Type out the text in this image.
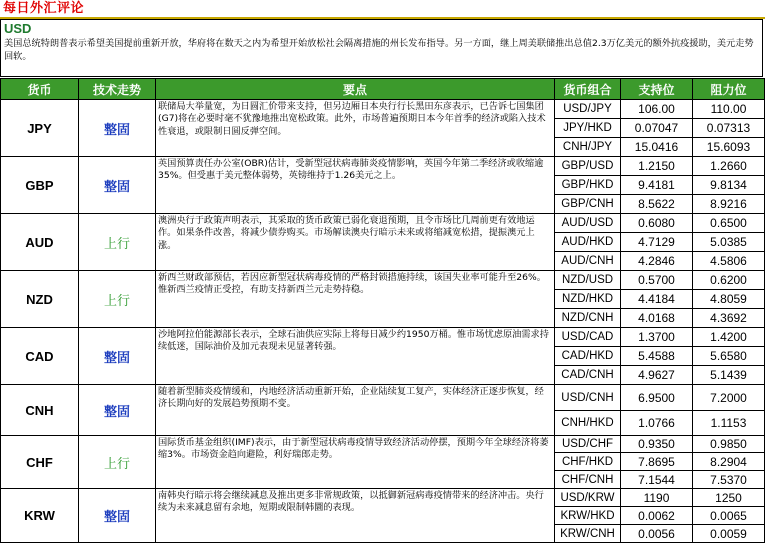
每日外汇评论
USD
美国总统特朗普表示希望美国提前重新开放，华府将在数天之内为希望开始放松社会隔离措施的州长发布指导。另一方面，继上周美联储推出总值2.3万亿美元的额外抗疫援助，美元走势回软。
货币	技术走势	要点	货币组合	支持位	阻力位
JPY	整固	联储局大举量宽，为日圆汇价带来支持，但另边厢日本央行行长黑田东彦表示，已告诉七国集团(G7)将在必要时毫不犹豫地推出宽松政策。此外，市场普遍预期日本今年首季的经济或陷入技术性衰退，或限制日圆反弹空间。	USD/JPY	106.00	110.00
			JPY/HKD	0.07047	0.07313
			CNH/JPY	15.0416	15.6093
GBP	整固	英国预算责任办公室(OBR)估计，受新型冠状病毒肺炎疫情影响，英国今年第二季经济或收缩逾35%。但受惠于美元整体弱势，英镑维持于1.26美元之上。	GBP/USD	1.2150	1.2660
			GBP/HKD	9.4181	9.8134
			GBP/CNH	8.5622	8.9216
AUD	上行	澳洲央行于政策声明表示，其采取的货币政策已弱化衰退预期，且令市场比几周前更有效地运作。如果条件改善，将减少债券购买。市场解读澳央行暗示未来或将缩减宽松措，提振澳元上涨。	AUD/USD	0.6080	0.6500
			AUD/HKD	4.7129	5.0385
			AUD/CNH	4.2846	4.5806
NZD	上行	新西兰财政部预估，若因应新型冠状病毒疫情的严格封锁措施持续，该国失业率可能升至26%。惟新西兰疫情正受控，有助支持新西兰元走势持稳。	NZD/USD	0.5700	0.6200
			NZD/HKD	4.4184	4.8059
			NZD/CNH	4.0168	4.3692
CAD	整固	沙地阿拉伯能源部长表示，全球石油供应实际上将每日减少约1950万桶。惟市场忧虑原油需求持续低迷，国际油价及加元表现未见显著转强。	USD/CAD	1.3700	1.4200
			CAD/HKD	5.4588	5.6580
			CAD/CNH	4.9627	5.1439
CNH	整固	随着新型肺炎疫情缓和，内地经济活动重新开始，企业陆续复工复产，实体经济正逐步恢复，经济长期向好的发展趋势预期不变。	USD/CNH	6.9500	7.2000
			CNH/HKD	1.0766	1.1153
CHF	上行	国际货币基金组织(IMF)表示，由于新型冠状病毒疫情导致经济活动停摆，预期今年全球经济将萎缩3%。市场资金趋向避险，利好瑞郎走势。	USD/CHF	0.9350	0.9850
			CHF/HKD	7.8695	8.2904
			CHF/CNH	7.1544	7.5370
KRW	整固	南韩央行暗示将会继续减息及推出更多非常规政策，以抵御新冠病毒疫情带来的经济冲击。央行续为未来减息留有余地，短期或限制韩圜的表现。	USD/KRW	1190	1250
			KRW/HKD	0.0062	0.0065
			KRW/CNH	0.0056	0.0059
